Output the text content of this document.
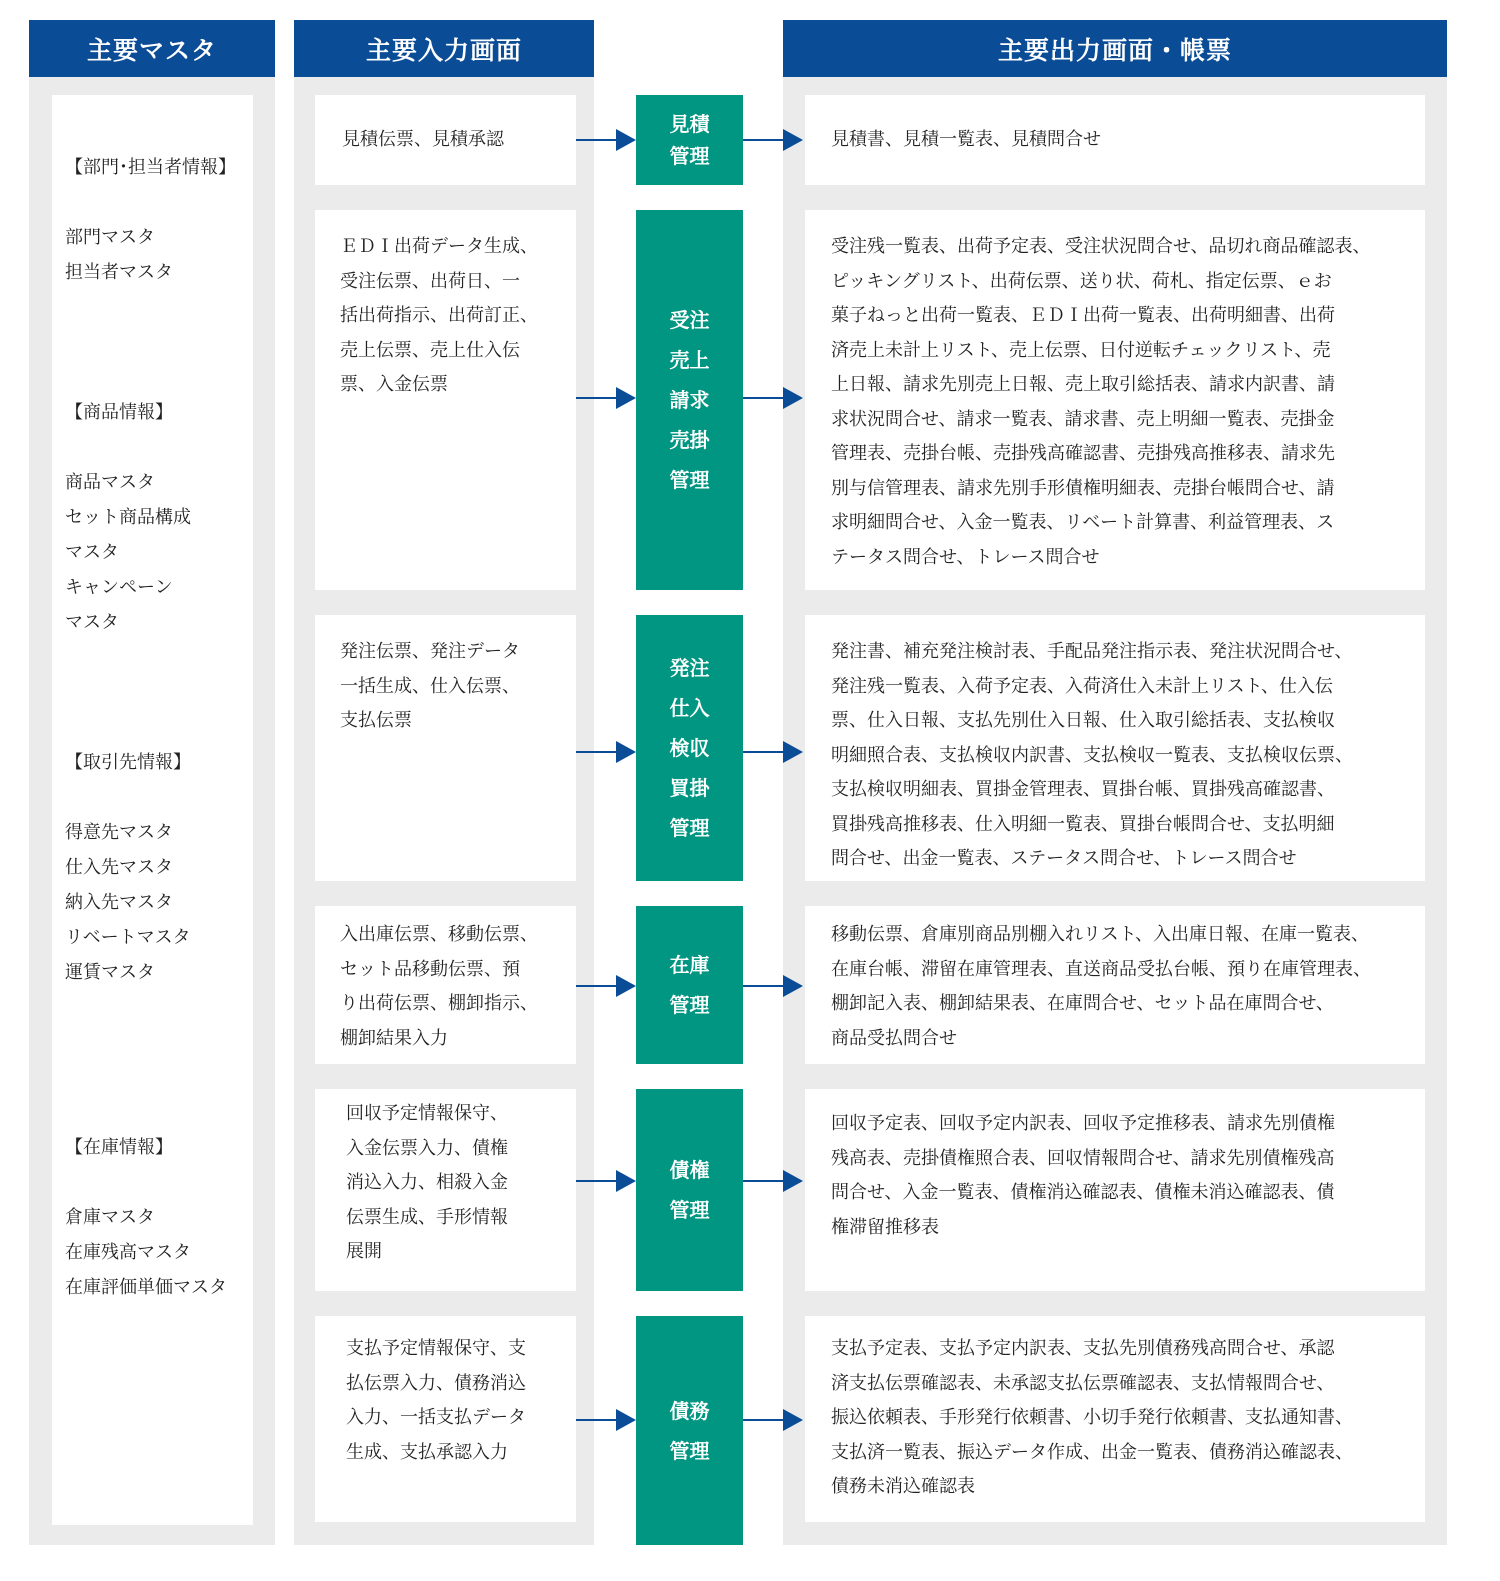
主要マスタ	主要入力画面	主要出力画面・帳票

【部門･担当者情報】

部門マスタ
担当者マスタ

【商品情報】

商品マスタ
セット商品構成
マスタ
キャンペーン
マスタ

【取引先情報】

得意先マスタ
仕入先マスタ
納入先マスタ
リベートマスタ
運賃マスタ

【在庫情報】

倉庫マスタ
在庫残高マスタ
在庫評価単価マスタ

見積伝票、見積承認
見積
管理
見積書、見積一覧表、見積問合せ
ＥＤＩ出荷データ生成、
受注伝票、出荷日、一
括出荷指示、出荷訂正、
売上伝票、売上仕入伝
票、入金伝票
受注
売上
請求
売掛
管理
受注残一覧表、出荷予定表、受注状況問合せ、品切れ商品確認表、
ピッキングリスト、出荷伝票、送り状、荷札、指定伝票、ｅお
菓子ねっと出荷一覧表、ＥＤＩ出荷一覧表、出荷明細書、出荷
済売上未計上リスト、売上伝票、日付逆転チェックリスト、売
上日報、請求先別売上日報、売上取引総括表、請求内訳書、請
求状況問合せ、請求一覧表、請求書、売上明細一覧表、売掛金
管理表、売掛台帳、売掛残高確認書、売掛残高推移表、請求先
別与信管理表、請求先別手形債権明細表、売掛台帳問合せ、請
求明細問合せ、入金一覧表、リベート計算書、利益管理表、ス
テータス問合せ、トレース問合せ
発注伝票、発注データ
一括生成、仕入伝票、
支払伝票
発注
仕入
検収
買掛
管理
発注書、補充発注検討表、手配品発注指示表、発注状況問合せ、
発注残一覧表、入荷予定表、入荷済仕入未計上リスト、仕入伝
票、仕入日報、支払先別仕入日報、仕入取引総括表、支払検収
明細照合表、支払検収内訳書、支払検収一覧表、支払検収伝票、
支払検収明細表、買掛金管理表、買掛台帳、買掛残高確認書、
買掛残高推移表、仕入明細一覧表、買掛台帳問合せ、支払明細
問合せ、出金一覧表、ステータス問合せ、トレース問合せ
入出庫伝票、移動伝票、
セット品移動伝票、預
り出荷伝票、棚卸指示、
棚卸結果入力
在庫
管理
移動伝票、倉庫別商品別棚入れリスト、入出庫日報、在庫一覧表、
在庫台帳、滞留在庫管理表、直送商品受払台帳、預り在庫管理表、
棚卸記入表、棚卸結果表、在庫問合せ、セット品在庫問合せ、
商品受払問合せ
回収予定情報保守、
入金伝票入力、債権
消込入力、相殺入金
伝票生成、手形情報
展開
債権
管理
回収予定表、回収予定内訳表、回収予定推移表、請求先別債権
残高表、売掛債権照合表、回収情報問合せ、請求先別債権残高
問合せ、入金一覧表、債権消込確認表、債権未消込確認表、債
権滞留推移表
支払予定情報保守、支
払伝票入力、債務消込
入力、一括支払データ
生成、支払承認入力
債務
管理
支払予定表、支払予定内訳表、支払先別債務残高問合せ、承認
済支払伝票確認表、未承認支払伝票確認表、支払情報問合せ、
振込依頼表、手形発行依頼書、小切手発行依頼書、支払通知書、
支払済一覧表、振込データ作成、出金一覧表、債務消込確認表、
債務未消込確認表
